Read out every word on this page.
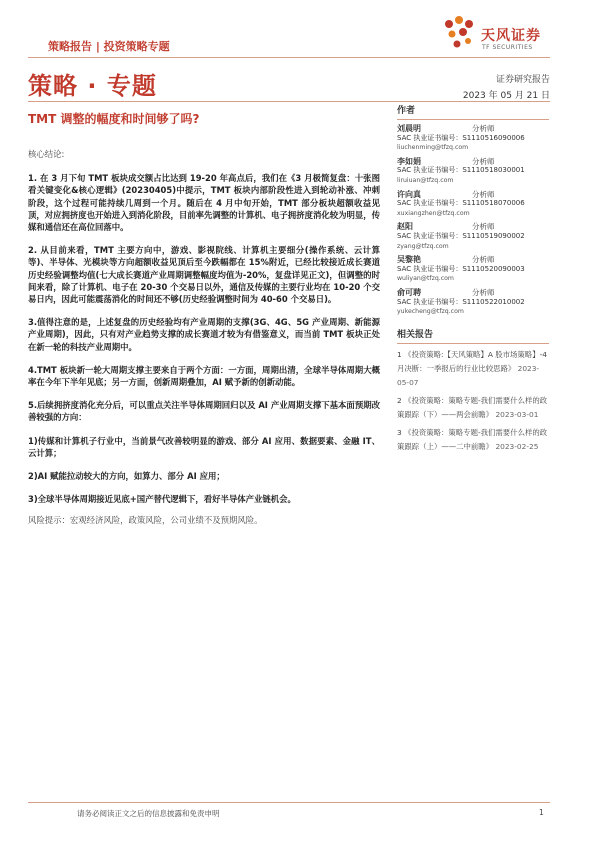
策略报告 | 投资策略专题
天风证券
TF SECURITIES
策略 · 专题	证券研究报告
2023 年 05 月 21 日
TMT 调整的幅度和时间够了吗?
核心结论:

1. 在 3 月下旬 TMT 板块成交额占比达到 19-20 年高点后，我们在《3 月极简复盘：十张图看关键变化&核心逻辑》(20230405)中提示，TMT 板块内部阶段性进入到轮动补涨、冲刺阶段，这个过程可能持续几周到一个月。随后在 4 月中旬开始，TMT 部分板块超额收益见顶，对应拥挤度也开始进入到消化阶段，目前率先调整的计算机、电子拥挤度消化较为明显，传媒和通信还在高位回落中。

2. 从目前来看，TMT 主要方向中，游戏、影视院线、计算机主要细分(操作系统、云计算等)、半导体、光模块等方向超额收益见顶后至今跌幅都在 15%附近，已经比较接近成长赛道历史经验调整均值(七大成长赛道产业周期调整幅度均值为-20%，复盘详见正文)，但调整的时间来看，除了计算机、电子在 20-30 个交易日以外，通信及传媒的主要行业均在 10-20 个交易日内，因此可能震荡消化的时间还不够(历史经验调整时间为 40-60 个交易日)。

3.值得注意的是，上述复盘的历史经验均有产业周期的支撑(3G、4G、5G 产业周期、新能源产业周期)，因此，只有对产业趋势支撑的成长赛道才较为有借鉴意义，而当前 TMT 板块正处在新一轮的科技产业周期中。

4.TMT 板块新一轮大周期支撑主要来自于两个方面：一方面，周期出清，全球半导体周期大概率在今年下半年见底；另一方面，创新周期叠加，AI 赋予新的创新动能。

5.后续拥挤度消化充分后，可以重点关注半导体周期回归以及 AI 产业周期支撑下基本面预期改善较强的方向：

1)传媒和计算机子行业中，当前景气改善较明显的游戏、部分 AI 应用、数据要素、金融 IT、云计算；

2)AI 赋能拉动较大的方向，如算力、部分 AI 应用；

3)全球半导体周期接近见底+国产替代逻辑下，看好半导体产业链机会。

风险提示：宏观经济风险，政策风险，公司业绩不及预期风险。

作者
刘晨明	分析师
SAC 执业证书编号：S1110516090006
liuchenming@tfzq.com
李如娟	分析师
SAC 执业证书编号：S1110518030001
liruiuan@tfzq.com
许向真	分析师
SAC 执业证书编号：S1110518070006
xuxiangzhen@tfzq.com
赵阳	分析师
SAC 执业证书编号：S1110519090002
zyang@tfzq.com
吴黎艳	分析师
SAC 执业证书编号：S1110520090003
wuliyan@tfzq.com
俞可聘	分析师
SAC 执业证书编号：S1110522010002
yukecheng@tfzq.com
相关报告
1 《投资策略:【天风策略】A 股市场策略】-4 月决断：一季报后的行业比较思路》 2023-05-07
2 《投资策略：策略专题-我们需要什么样的政策跟踪（下）——两会前瞻》 2023-03-01
3 《投资策略：策略专题-我们需要什么样的政策跟踪（上）——二中前瞻》 2023-02-25
请务必阅读正文之后的信息披露和免责申明	1
